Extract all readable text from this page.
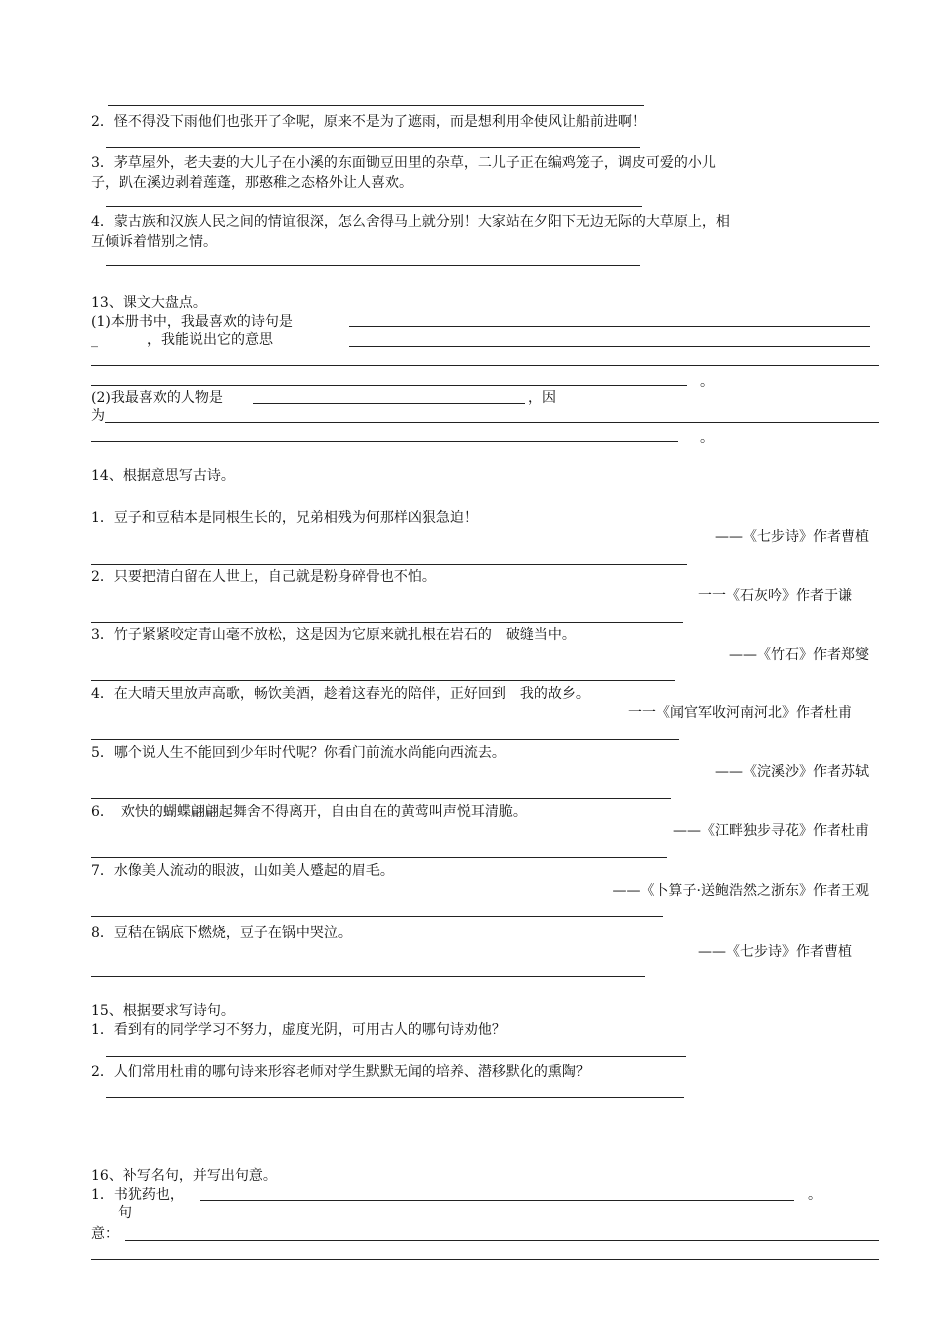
2．怪不得没下雨他们也张开了伞呢，原来不是为了遮雨，而是想利用伞使风让船前进啊！
3．茅草屋外，老夫妻的大儿子在小溪的东面锄豆田里的杂草，二儿子正在编鸡笼子，调皮可爱的小儿
子，趴在溪边剥着莲蓬，那憨稚之态格外让人喜欢。
4．蒙古族和汉族人民之间的情谊很深，怎么舍得马上就分别！大家站在夕阳下无边无际的大草原上，相
互倾诉着惜别之情。
13、课文大盘点。
(1)本册书中，我最喜欢的诗句是
_	，我能说出它的意思
。
(2)我最喜欢的人物是	，因
为
。
14、根据意思写古诗。
1．豆子和豆秸本是同根生长的，兄弟相残为何那样凶狠急迫！
——《七步诗》作者曹植
2．只要把清白留在人世上，自己就是粉身碎骨也不怕。
一一《石灰吟》作者于谦
3．竹子紧紧咬定青山毫不放松，这是因为它原来就扎根在岩石的　破缝当中。
——《竹石》作者郑燮
4．在大晴天里放声高歌，畅饮美酒，趁着这春光的陪伴，正好回到　我的故乡。
一一《闻官军收河南河北》作者杜甫
5．哪个说人生不能回到少年时代呢？你看门前流水尚能向西流去。
——《浣溪沙》作者苏轼
6．　欢快的蝴蝶翩翩起舞舍不得离开，自由自在的黄莺叫声悦耳清脆。
——《江畔独步寻花》作者杜甫
7．水像美人流动的眼波，山如美人蹙起的眉毛。
——《卜算子·送鲍浩然之浙东》作者王观
8．豆秸在锅底下燃烧，豆子在锅中哭泣。
——《七步诗》作者曹植
15、根据要求写诗句。
1．看到有的同学学习不努力，虚度光阴，可用古人的哪句诗劝他？
2．人们常用杜甫的哪句诗来形容老师对学生默默无闻的培养、潜移默化的熏陶？
16、补写名句，并写出句意。
1．书犹药也，	。
句
意：
